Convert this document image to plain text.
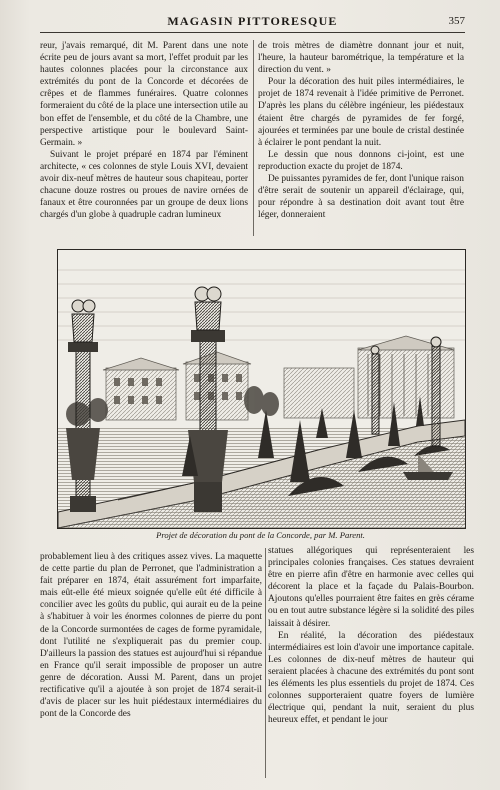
MAGASIN PITTORESQUE	357

reur, j'avais remarqué, dit M. Parent dans une note écrite peu de jours avant sa mort, l'effet produit par les hautes colonnes placées pour la circonstance aux extrémités du pont de la Concorde et décorées de crêpes et de flammes funéraires. Quatre colonnes formeraient du côté de la place une intersection utile au bon effet de l'ensemble, et du côté de la Chambre, une perspective artistique pour le boulevard Saint-Germain. »

Suivant le projet préparé en 1874 par l'éminent architecte, « ces colonnes de style Louis XVI, devaient avoir dix-neuf mètres de hauteur sous chapiteau, porter chacune douze rostres ou proues de navire ornées de fanaux et être couronnées par un groupe de deux lions chargés d'un globe à quadruple cadran lumineux

de trois mètres de diamètre donnant jour et nuit, l'heure, la hauteur barométrique, la température et la direction du vent. »

Pour la décoration des huit piles intermédiaires, le projet de 1874 revenait à l'idée primitive de Perronet. D'après les plans du célèbre ingénieur, les piédestaux étaient être chargés de pyramides de fer forgé, ajourées et terminées par une boule de cristal destinée à éclairer le pont pendant la nuit.

Le dessin que nous donnons ci-joint, est une reproduction exacte du projet de 1874.

De puissantes pyramides de fer, dont l'unique raison d'être serait de soutenir un appareil d'éclairage, qui, pour répondre à sa destination doit avant tout être léger, donneraient

Projet de décoration du pont de la Concorde, par M. Parent.

probablement lieu à des critiques assez vives. La maquette de cette partie du plan de Perronet, que l'administration a fait préparer en 1874, était assurément fort imparfaite, mais eût-elle été mieux soignée qu'elle eût été difficile à concilier avec les goûts du public, qui aurait eu de la peine à s'habituer à voir les énormes colonnes de pierre du pont de la Concorde surmontées de cages de forme pyramidale, dont l'utilité ne s'expliquerait pas du premier coup. D'ailleurs la passion des statues est aujourd'hui si répandue en France qu'il serait impossible de proposer un autre genre de décoration. Aussi M. Parent, dans un projet rectificative qu'il a ajoutée à son projet de 1874 serait-il d'avis de placer sur les huit piédestaux intermédiaires du pont de la Concorde des

statues allégoriques qui représenteraient les principales colonies françaises. Ces statues devraient être en pierre afin d'être en harmonie avec celles qui décorent la place et la façade du Palais-Bourbon. Ajoutons qu'elles pourraient être faites en grès cérame ou en tout autre substance légère si la solidité des piles laissait à désirer.

En réalité, la décoration des piédestaux intermédiaires est loin d'avoir une importance capitale. Les colonnes de dix-neuf mètres de hauteur qui seraient placées à chacune des extrémités du pont sont les éléments les plus essentiels du projet de 1874. Ces colonnes supporteraient quatre foyers de lumière électrique qui, pendant la nuit, seraient du plus heureux effet, et pendant le jour
